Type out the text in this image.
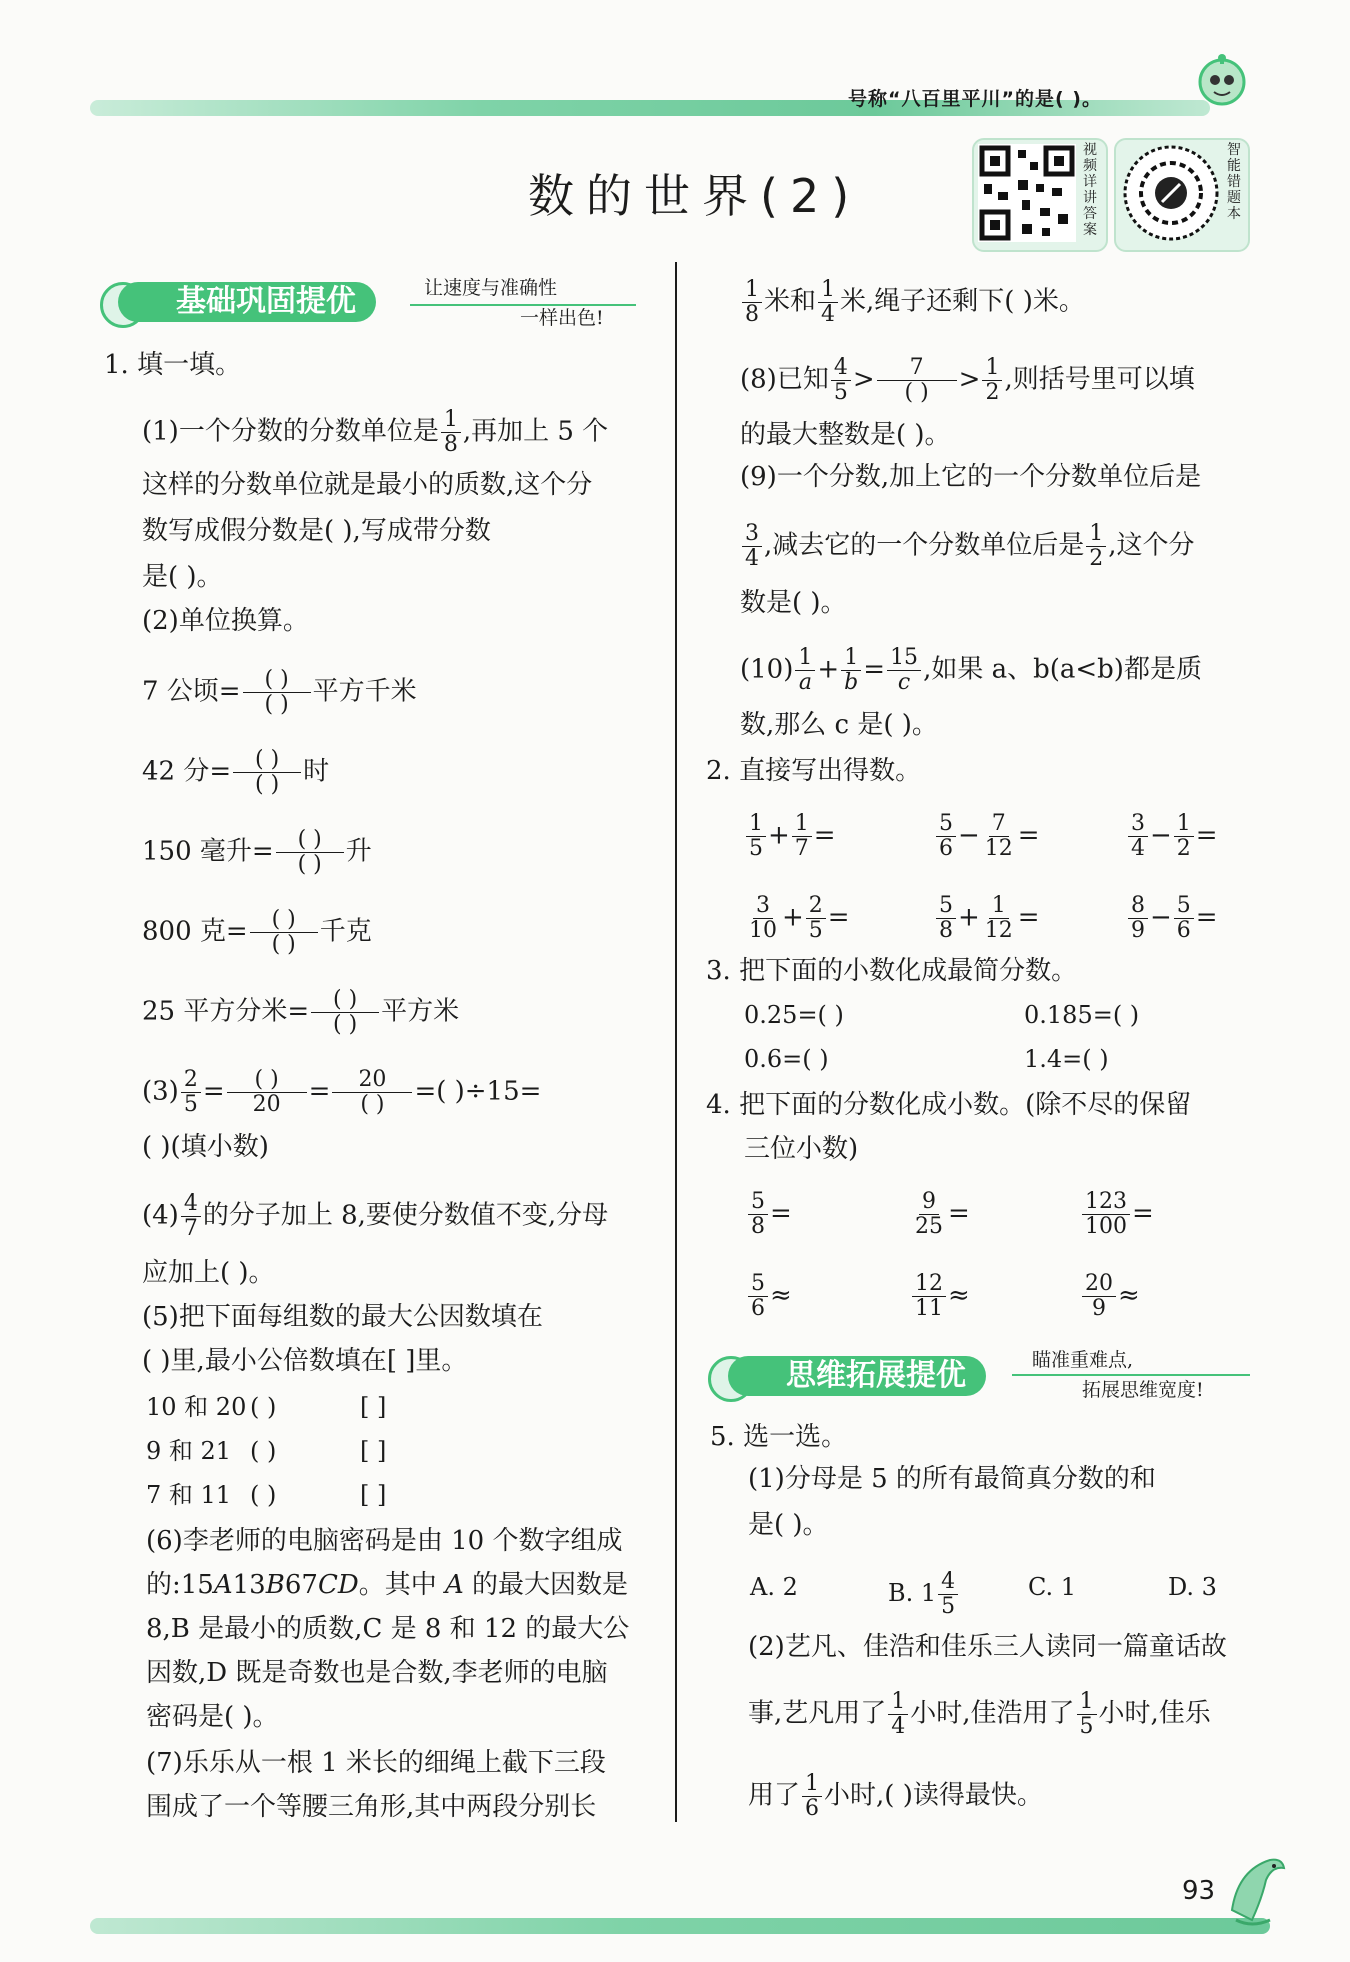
号称“八百里平川”的是( )。
数的世界(2)
视频详讲答案
智能错题本
基础巩固提优	让速度与准确性
一样出色!
1. 填一填。
(1)一个分数的分数单位是 $\frac{1}{8}$ ,再加上 5 个
这样的分数单位就是最小的质数,这个分
数写成假分数是( ),写成带分数
是( )。
(2)单位换算。
7 公顷= $\frac{( )}{( )}$ 平方千米
42 分= $\frac{( )}{( )}$ 时
150 毫升= $\frac{( )}{( )}$ 升
800 克= $\frac{( )}{( )}$ 千克
25 平方分米= $\frac{( )}{( )}$ 平方米
$(3) \frac{2}{5} = \frac{( )}{20} = \frac{20}{( )}$ =( )÷15=
( )(填小数)
$(4) \frac{4}{7}$ 的分子加上 8,要使分数值不变,分母
应加上( )。
(5)把下面每组数的最大公因数填在
( )里,最小公倍数填在[ ]里。
10 和 20 ( )	[ ]
9 和 21 ( )	[ ]
7 和 11 ( )	[ ]
(6)李老师的电脑密码是由 10 个数字组成
的:15A13B67CD。其中 A 的最大因数是
8,B 是最小的质数,C 是 8 和 12 的最大公
因数,D 既是奇数也是合数,李老师的电脑
密码是( )。
(7)乐乐从一根 1 米长的细绳上截下三段
围成了一个等腰三角形,其中两段分别长
$\frac{1}{8}$ 米和 $\frac{1}{4}$ 米,绳子还剩下( )米。
(8)已知 $\frac{4}{5} > \frac{7}{( )} > \frac{1}{2}$ ,则括号里可以填
的最大整数是( )。
(9)一个分数,加上它的一个分数单位后是
$\frac{3}{4}$ ,减去它的一个分数单位后是 $\frac{1}{2}$ ,这个分
数是( )。
$(10) \frac{1}{a} + \frac{1}{b} = \frac{15}{c}$ ,如果 a、b(a<b)都是质
数,那么 c 是( )。
2. 直接写出得数。
$\frac{1}{5} + \frac{1}{7}$ =	$\frac{5}{6} - \frac{7}{12}$ =	$\frac{3}{4} - \frac{1}{2}$ =
$\frac{3}{10} + \frac{2}{5}$ =	$\frac{5}{8} + \frac{1}{12}$ =	$\frac{8}{9} - \frac{5}{6}$ =
3. 把下面的小数化成最简分数。
0.25=( )	0.185=( )
0.6=( )	1.4=( )
4. 把下面的分数化成小数。(除不尽的保留
三位小数)
$\frac{5}{8}$ =	$\frac{9}{25}$ =	$\frac{123}{100}$ =
$\frac{5}{6}$ ≈	$\frac{12}{11}$ ≈	$\frac{20}{9}$ ≈
思维拓展提优	瞄准重难点,
拓展思维宽度!
5. 选一选。
(1)分母是 5 的所有最简真分数的和
是( )。
A. 2	B. $1 \frac{4}{5}$	C. 1	D. 3
(2)艺凡、佳浩和佳乐三人读同一篇童话故
事,艺凡用了 $\frac{1}{4}$ 小时,佳浩用了 $\frac{1}{5}$ 小时,佳乐
用了 $\frac{1}{6}$ 小时,( )读得最快。
93
